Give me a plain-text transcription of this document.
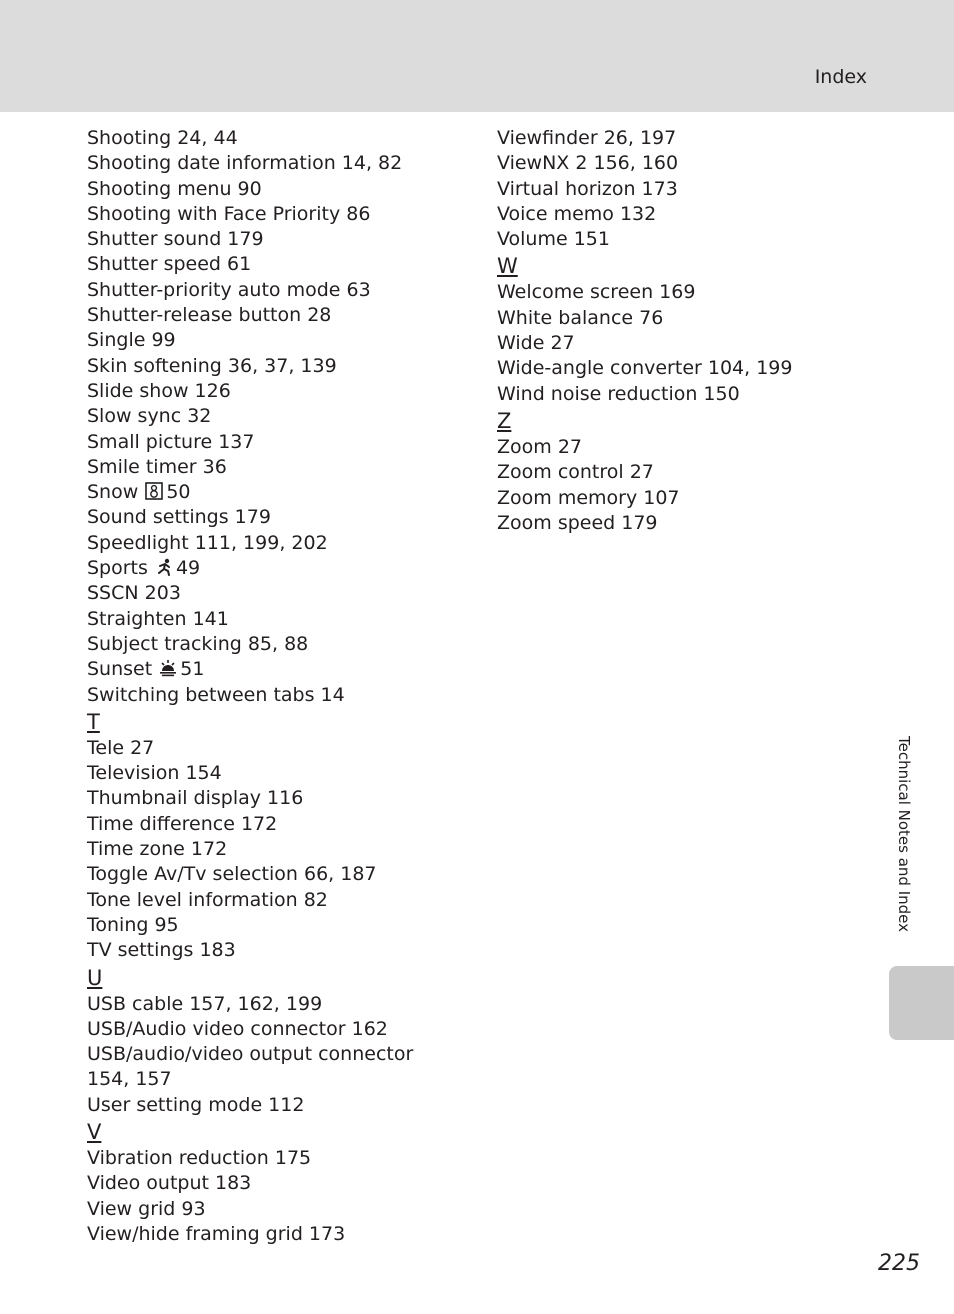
Index
Shooting 24, 44
Shooting date information 14, 82
Shooting menu 90
Shooting with Face Priority 86
Shutter sound 179
Shutter speed 61
Shutter-priority auto mode 63
Shutter-release button 28
Single 99
Skin softening 36, 37, 139
Slide show 126
Slow sync 32
Small picture 137
Smile timer 36
Snow 50
Sound settings 179
Speedlight 111, 199, 202
Sports 49
SSCN 203
Straighten 141
Subject tracking 85, 88
Sunset 51
Switching between tabs 14
T
Tele 27
Television 154
Thumbnail display 116
Time difference 172
Time zone 172
Toggle Av/Tv selection 66, 187
Tone level information 82
Toning 95
TV settings 183
U
USB cable 157, 162, 199
USB/Audio video connector 162
USB/audio/video output connector 154, 157
User setting mode 112
V
Vibration reduction 175
Video output 183
View grid 93
View/hide framing grid 173
Viewfinder 26, 197
ViewNX 2 156, 160
Virtual horizon 173
Voice memo 132
Volume 151
W
Welcome screen 169
White balance 76
Wide 27
Wide-angle converter 104, 199
Wind noise reduction 150
Z
Zoom 27
Zoom control 27
Zoom memory 107
Zoom speed 179
Technical Notes and Index
225
